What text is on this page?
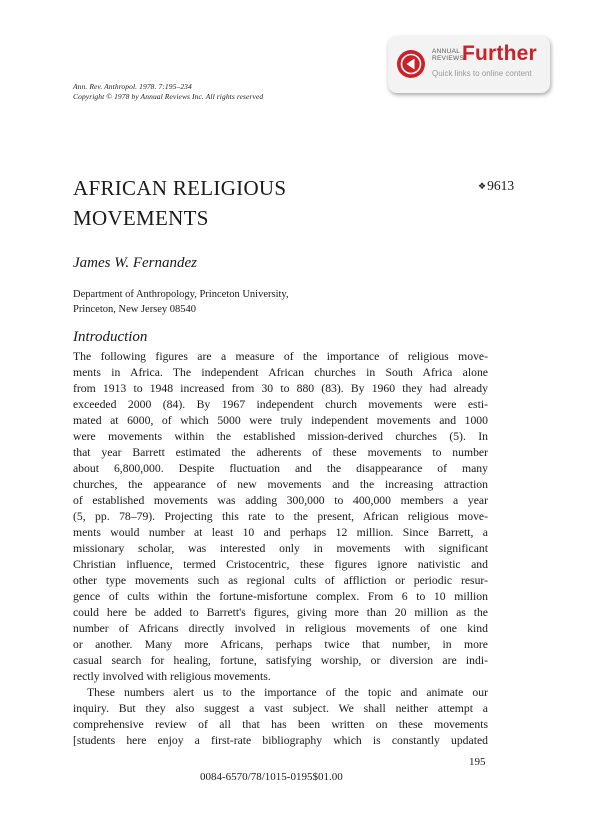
Ann. Rev. Anthropol. 1978. 7:195–234
Copyright © 1978 by Annual Reviews Inc. All rights reserved
ANNUAL
REVIEWS
Further
Quick links to online content
AFRICAN RELIGIOUS
MOVEMENTS
❖9613
James W. Fernandez
Department of Anthropology, Princeton University,
Princeton, New Jersey 08540
Introduction
The following figures are a measure of the importance of religious move-
ments in Africa. The independent African churches in South Africa alone
from 1913 to 1948 increased from 30 to 880 (83). By 1960 they had already
exceeded 2000 (84). By 1967 independent church movements were esti-
mated at 6000, of which 5000 were truly independent movements and 1000
were movements within the established mission-derived churches (5). In
that year Barrett estimated the adherents of these movements to number
about 6,800,000. Despite fluctuation and the disappearance of many
churches, the appearance of new movements and the increasing attraction
of established movements was adding 300,000 to 400,000 members a year
(5, pp. 78–79). Projecting this rate to the present, African religious move-
ments would number at least 10 and perhaps 12 million. Since Barrett, a
missionary scholar, was interested only in movements with significant
Christian influence, termed Cristocentric, these figures ignore nativistic and
other type movements such as regional cults of affliction or periodic resur-
gence of cults within the fortune-misfortune complex. From 6 to 10 million
could here be added to Barrett's figures, giving more than 20 million as the
number of Africans directly involved in religious movements of one kind
or another. Many more Africans, perhaps twice that number, in more
casual search for healing, fortune, satisfying worship, or diversion are indi-
rectly involved with religious movements.
These numbers alert us to the importance of the topic and animate our
inquiry. But they also suggest a vast subject. We shall neither attempt a
comprehensive review of all that has been written on these movements
[students here enjoy a first-rate bibliography which is constantly updated
195
0084-6570/78/1015-0195$01.00
